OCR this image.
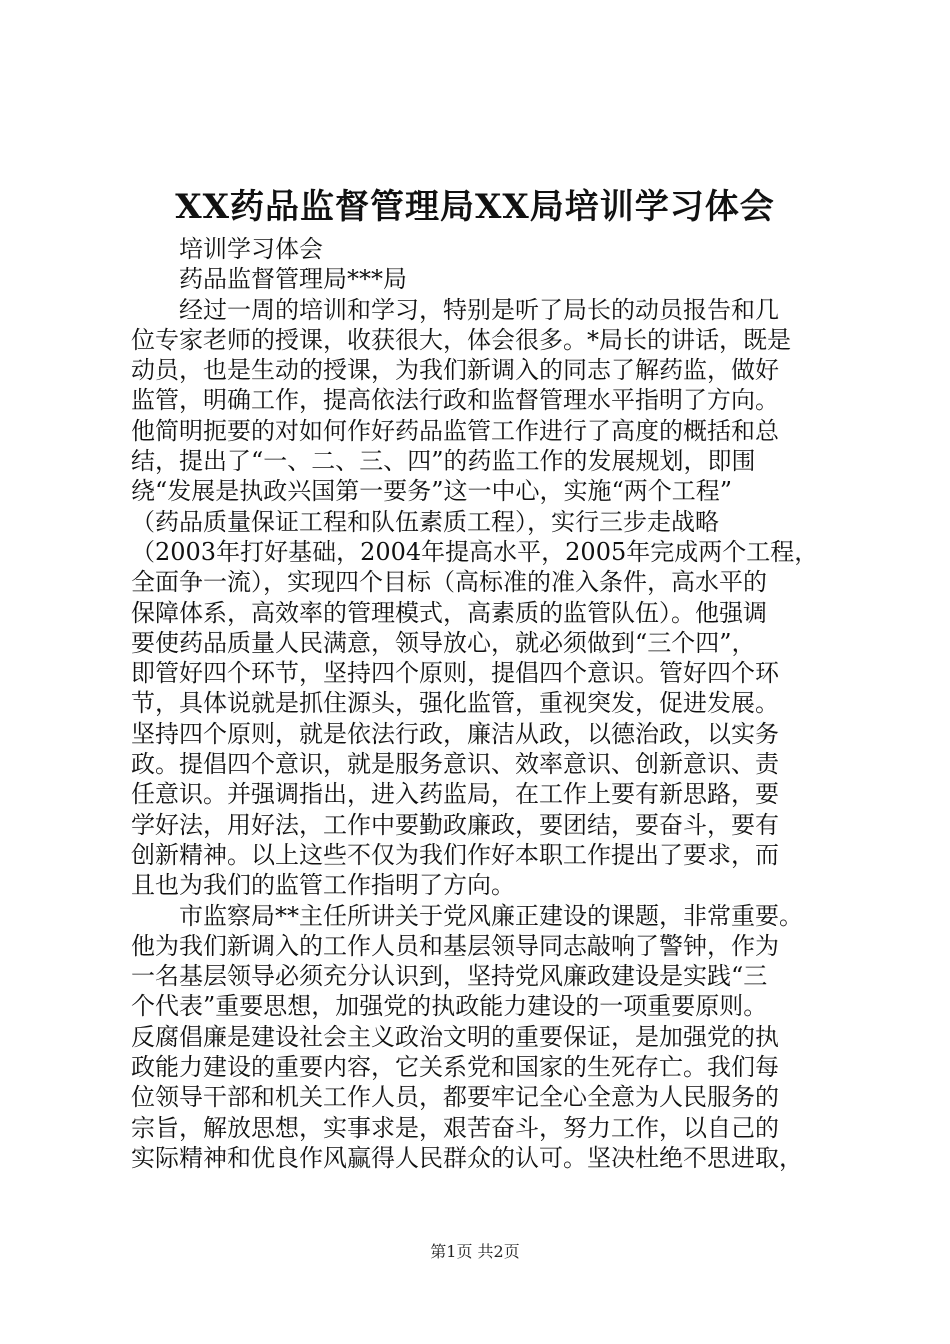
XX药品监督管理局XX局培训学习体会
培训学习体会
药品监督管理局***局
经过一周的培训和学习，特别是听了局长的动员报告和几
位专家老师的授课，收获很大，体会很多。*局长的讲话，既是
动员，也是生动的授课，为我们新调入的同志了解药监，做好
监管，明确工作，提高依法行政和监督管理水平指明了方向。
他简明扼要的对如何作好药品监管工作进行了高度的概括和总
结，提出了“一、二、三、四”的药监工作的发展规划，即围
绕“发展是执政兴国第一要务”这一中心，实施“两个工程”
（药品质量保证工程和队伍素质工程），实行三步走战略
（2003年打好基础，2004年提高水平，2005年完成两个工程，
全面争一流），实现四个目标（高标准的准入条件，高水平的
保障体系，高效率的管理模式，高素质的监管队伍）。他强调
要使药品质量人民满意，领导放心，就必须做到“三个四”，
即管好四个环节，坚持四个原则，提倡四个意识。管好四个环
节，具体说就是抓住源头，强化监管，重视突发，促进发展。
坚持四个原则，就是依法行政，廉洁从政，以德治政，以实务
政。提倡四个意识，就是服务意识、效率意识、创新意识、责
任意识。并强调指出，进入药监局，在工作上要有新思路，要
学好法，用好法，工作中要勤政廉政，要团结，要奋斗，要有
创新精神。以上这些不仅为我们作好本职工作提出了要求，而
且也为我们的监管工作指明了方向。
市监察局**主任所讲关于党风廉正建设的课题，非常重要。
他为我们新调入的工作人员和基层领导同志敲响了警钟，作为
一名基层领导必须充分认识到，坚持党风廉政建设是实践“三
个代表”重要思想，加强党的执政能力建设的一项重要原则。
反腐倡廉是建设社会主义政治文明的重要保证，是加强党的执
政能力建设的重要内容，它关系党和国家的生死存亡。我们每
位领导干部和机关工作人员，都要牢记全心全意为人民服务的
宗旨，解放思想，实事求是，艰苦奋斗，努力工作，以自己的
实际精神和优良作风赢得人民群众的认可。坚决杜绝不思进取，
第1页 共2页
